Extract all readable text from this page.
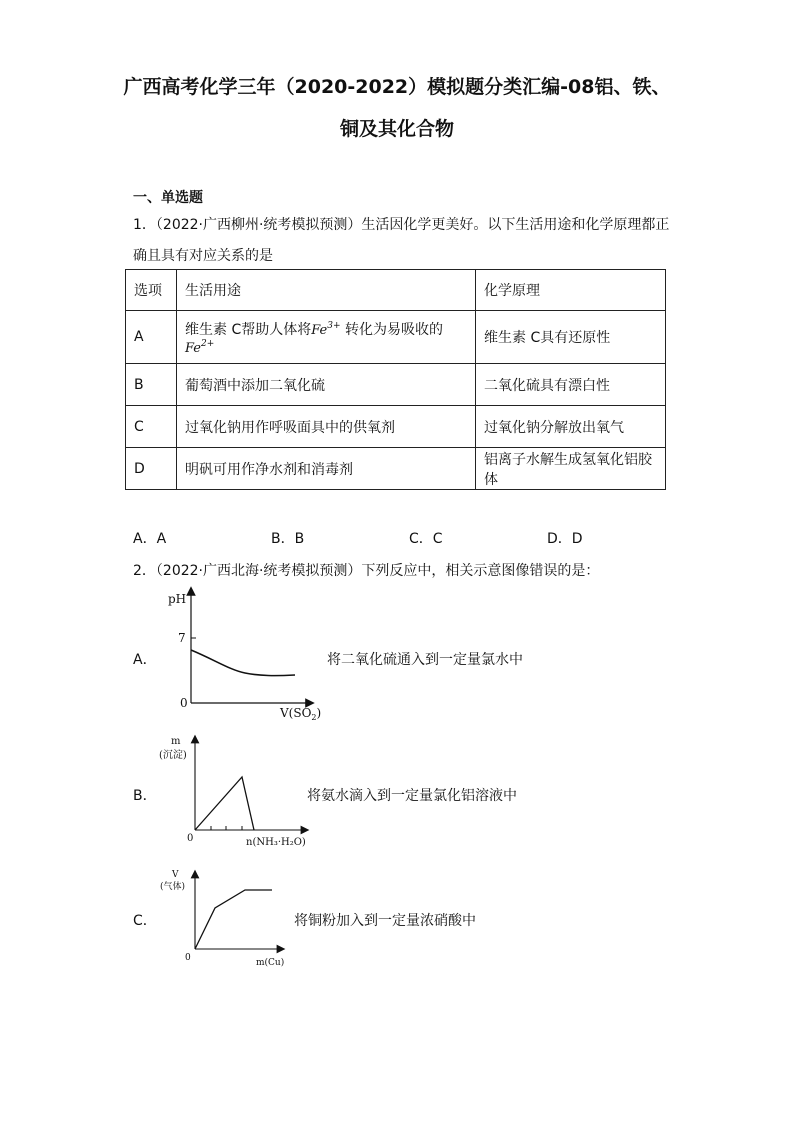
广西高考化学三年（2020-2022）模拟题分类汇编-08铝、铁、
铜及其化合物
一、单选题
1．（2022·广西柳州·统考模拟预测）生活因化学更美好。以下生活用途和化学原理都正
确且具有对应关系的是
选项	生活用途	化学原理
A	维生素 C帮助人体将$Fe^{3+}$ 转化为易吸收的$Fe^{2+}$	维生素 C具有还原性
B	葡萄酒中添加二氧化硫	二氧化硫具有漂白性
C	过氧化钠用作呼吸面具中的供氧剂	过氧化钠分解放出氧气
D	明矾可用作净水剂和消毒剂	铝离子水解生成氢氧化铝胶体
A．A	B．B	C．C	D．D
2．（2022·广西北海·统考模拟预测）下列反应中，相关示意图像错误的是：
A．
pH
7
0
$V(SO_2)$
将二氧化硫通入到一定量氯水中
B．
m
(沉淀)
0	n(NH₃·H₂O)
将氨水滴入到一定量氯化铝溶液中
C．
V
(气体)
0	m(Cu)
将铜粉加入到一定量浓硝酸中
